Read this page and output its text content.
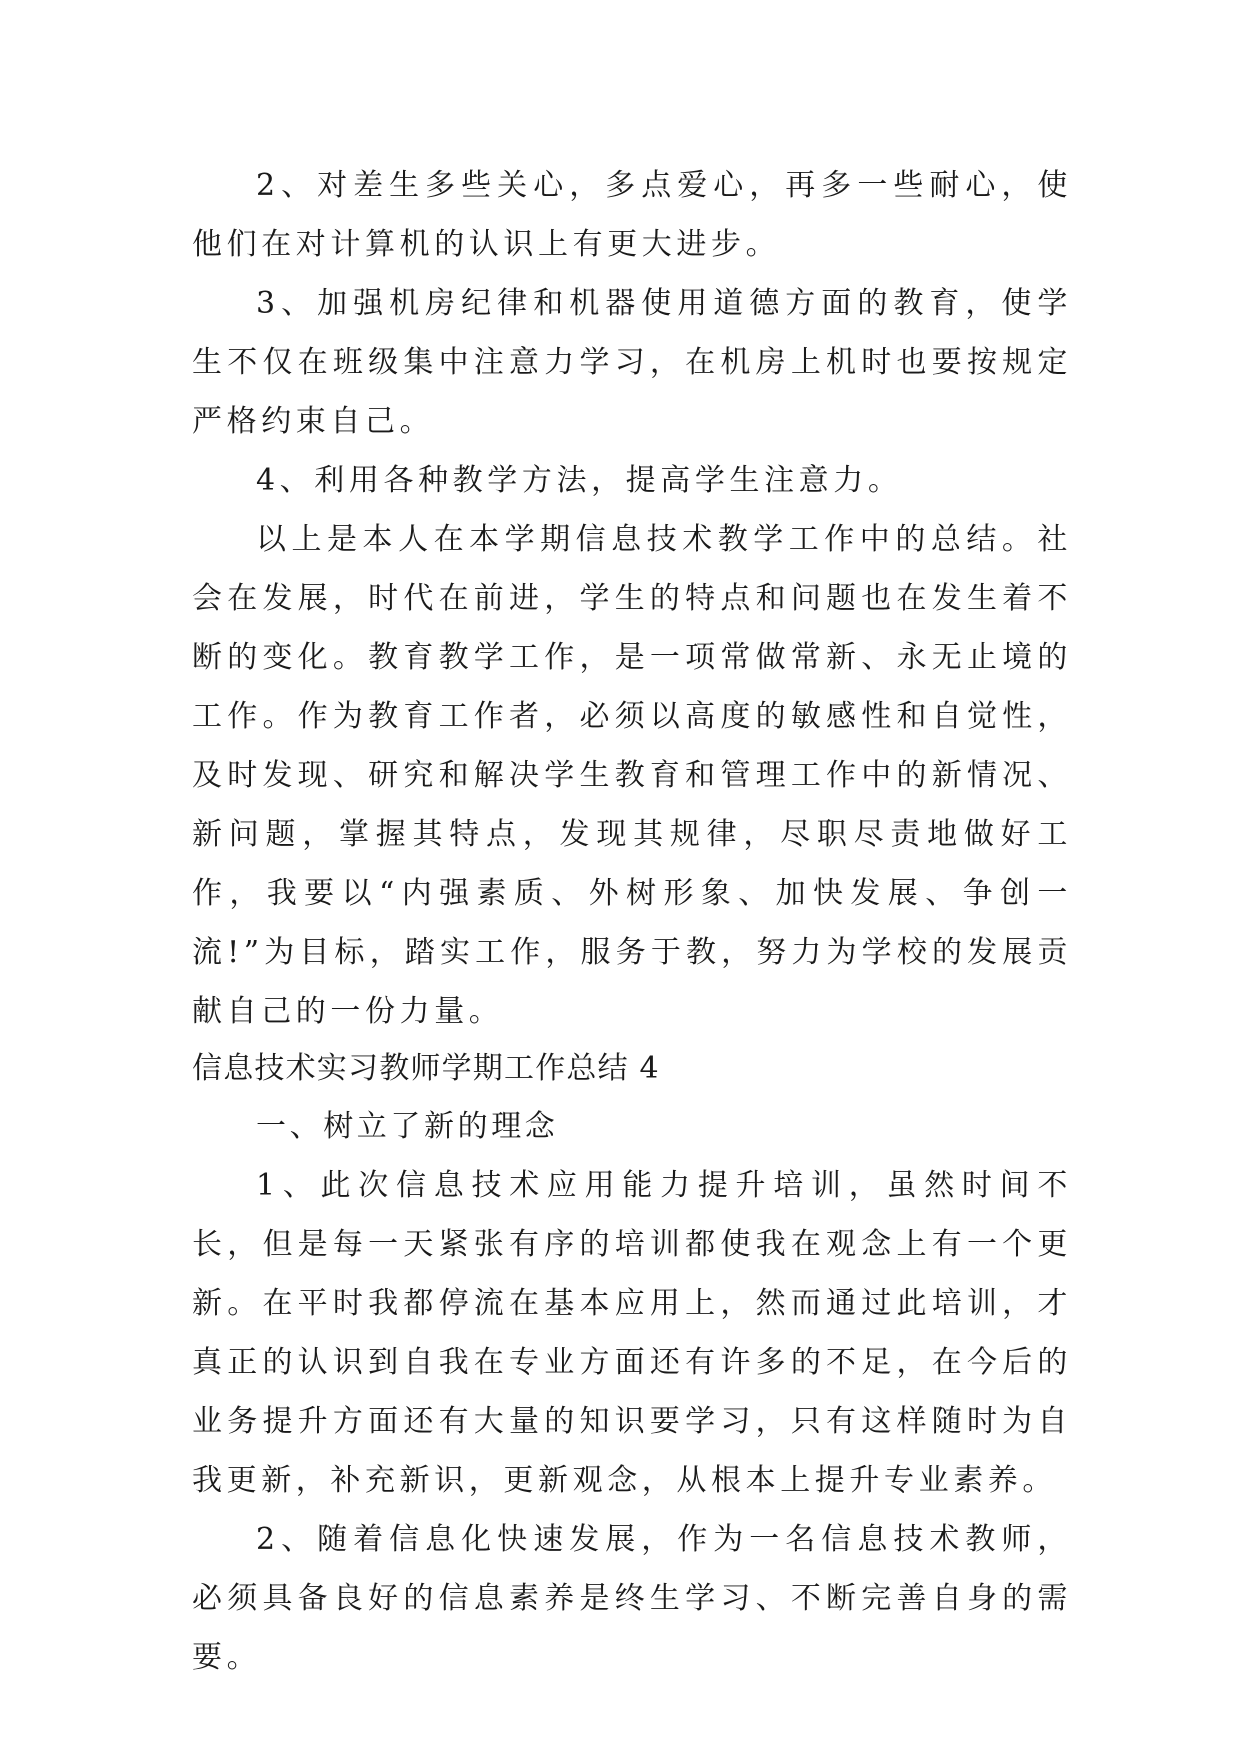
2、对差生多些关心，多点爱心，再多一些耐心，使他们在对计算机的认识上有更大进步。

3、加强机房纪律和机器使用道德方面的教育，使学生不仅在班级集中注意力学习，在机房上机时也要按规定严格约束自己。

4、利用各种教学方法，提高学生注意力。

以上是本人在本学期信息技术教学工作中的总结。社会在发展，时代在前进，学生的特点和问题也在发生着不断的变化。教育教学工作，是一项常做常新、永无止境的工作。作为教育工作者，必须以高度的敏感性和自觉性，及时发现、研究和解决学生教育和管理工作中的新情况、新问题，掌握其特点，发现其规律，尽职尽责地做好工作，我要以“内强素质、外树形象、加快发展、争创一流!”为目标，踏实工作，服务于教，努力为学校的发展贡献自己的一份力量。

信息技术实习教师学期工作总结 4

一、树立了新的理念

1、此次信息技术应用能力提升培训，虽然时间不长，但是每一天紧张有序的培训都使我在观念上有一个更新。在平时我都停流在基本应用上，然而通过此培训，才真正的认识到自我在专业方面还有许多的不足，在今后的业务提升方面还有大量的知识要学习，只有这样随时为自我更新，补充新识，更新观念，从根本上提升专业素养。

2、随着信息化快速发展，作为一名信息技术教师，必须具备良好的信息素养是终生学习、不断完善自身的需要。
